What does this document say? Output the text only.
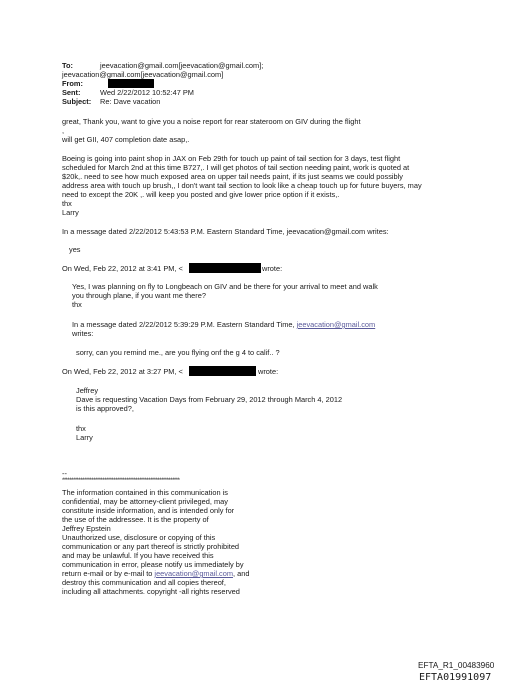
To:	jeevacation@gmail.com[jeevacation@gmail.com];
jeevacation@gmail.com[jeevacation@gmail.com]
From:
Sent:	Wed 2/22/2012 10:52:47 PM
Subject: Re: Dave vacation
great, Thank you, want to give you a noise report for rear stateroom on GIV during the flight
,
will get GII, 407 completion date asap,.
Boeing is going into paint shop in JAX on Feb 29th for touch up paint of tail section for 3 days, test flight
scheduled for March 2nd at this time B727,. I will get photos of tail section needing paint, work is quoted at
$20k,. need to see how much exposed area on upper tail needs paint, if its just seams we could possibly
address area with touch up brush,, I don't want tail section to look like a cheap touch up for future buyers, may
need to except the 20K ,. will keep you posted and give lower price option if it exists,.
thx
Larry
In a message dated 2/22/2012 5:43:53 P.M. Eastern Standard Time, jeevacation@gmail.com writes:
yes
On Wed, Feb 22, 2012 at 3:41 PM, <	wrote:
Yes, I was planning on fly to Longbeach on GIV and be there for your arrival to meet and walk
you through plane, if you want me there?
thx
In a message dated 2/22/2012 5:39:29 P.M. Eastern Standard Time, jeevacation@gmail.com
writes:
sorry, can you remind me., are you flying onf the g 4 to calif.. ?
On Wed, Feb 22, 2012 at 3:27 PM, <	wrote:
Jeffrey
Dave is requesting Vacation Days from February 29, 2012 through March 4, 2012
is this approved?,
thx
Larry
--
****************************************************************
The information contained in this communication is
confidential, may be attorney-client privileged, may
constitute inside information, and is intended only for
the use of the addressee. It is the property of
Jeffrey Epstein
Unauthorized use, disclosure or copying of this
communication or any part thereof is strictly prohibited
and may be unlawful. If you have received this
communication in error, please notify us immediately by
return e-mail or by e-mail to jeevacation@gmail.com, and
destroy this communication and all copies thereof,
including all attachments. copyright -all rights reserved
EFTA_R1_00483960
EFTA01991097
